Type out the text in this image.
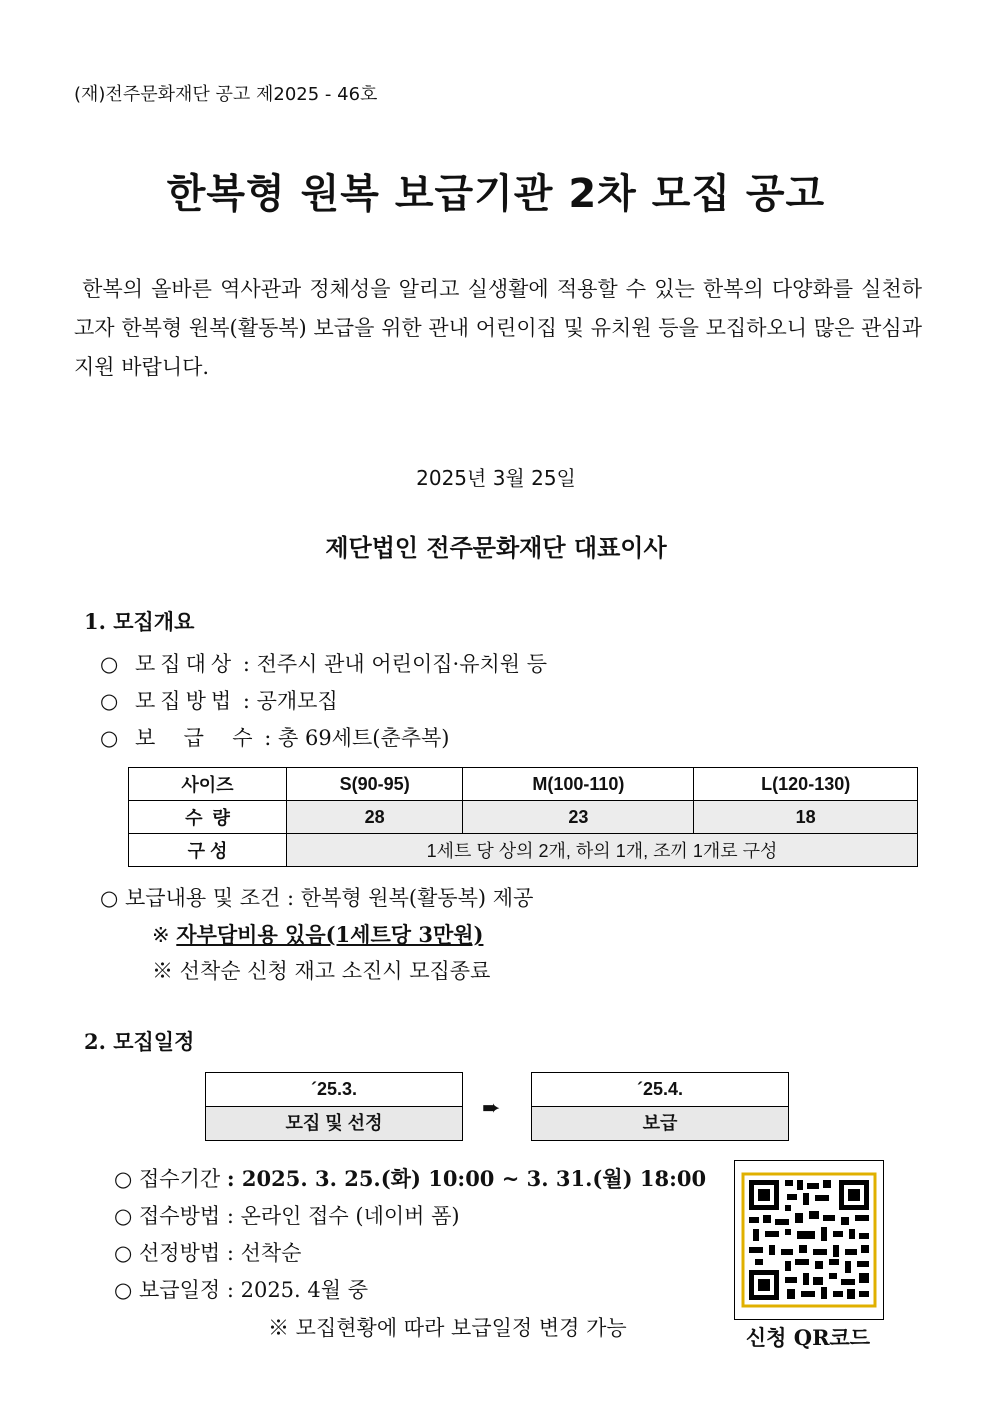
(재)전주문화재단 공고 제2025 - 46호
한복형 원복 보급기관 2차 모집 공고
한복의 올바른 역사관과 정체성을 알리고 실생활에 적용할 수 있는 한복의 다양화를 실천하고자 한복형 원복(활동복) 보급을 위한 관내 어린이집 및 유치원 등을 모집하오니 많은 관심과 지원 바랍니다.
2025년 3월 25일
제단법인 전주문화재단 대표이사
1. 모집개요
○ 모집대상 : 전주시 관내 어린이집·유치원 등
○ 모집방법 : 공개모집
○ 보  급  수 : 총 69세트(춘추복)
사이즈	S(90-95)	M(100-110)	L(120-130)
수  량	28	23	18
구 성	1세트 당 상의 2개, 하의 1개, 조끼 1개로 구성		
○ 보급내용 및 조건 : 한복형 원복(활동복) 제공
※ 자부담비용 있음(1세트당 3만원)
※ 선착순 신청 재고 소진시 모집종료
2. 모집일정
´25.3.
모집 및 선정
➨
´25.4.
보급
○ 접수기간 : 2025. 3. 25.(화) 10:00 ~ 3. 31.(월) 18:00
○ 접수방법 : 온라인 접수 (네이버 폼)
○ 선정방법 : 선착순
○ 보급일정 : 2025. 4월 중
※ 모집현황에 따라 보급일정 변경 가능	신청 QR코드
